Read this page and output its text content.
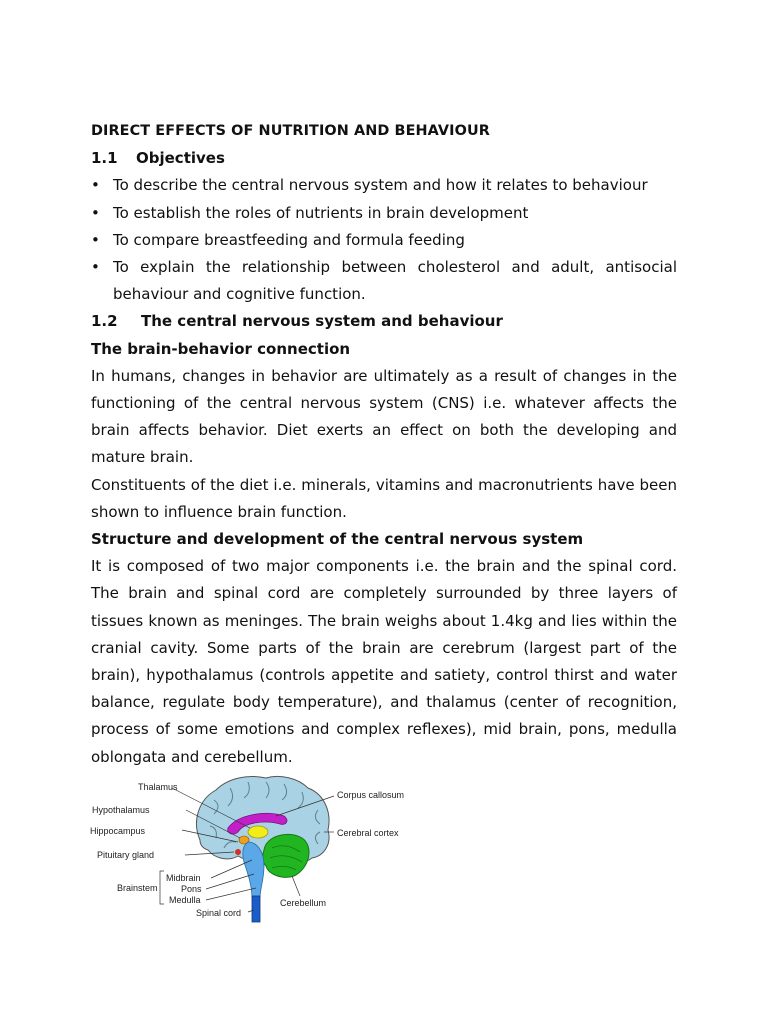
DIRECT EFFECTS OF NUTRITION AND BEHAVIOUR

1.1 Objectives

• To describe the central nervous system and how it relates to behaviour
• To establish the roles of nutrients in brain development
• To compare breastfeeding and formula feeding
• To explain the relationship between cholesterol and adult, antisocial behaviour and cognitive function.

1.2 The central nervous system and behaviour

The brain-behavior connection

In humans, changes in behavior are ultimately as a result of changes in the functioning of the central nervous system (CNS) i.e. whatever affects the brain affects behavior. Diet exerts an effect on both the developing and mature brain.

Constituents of the diet i.e. minerals, vitamins and macronutrients have been shown to influence brain function.

Structure and development of the central nervous system

It is composed of two major components i.e. the brain and the spinal cord. The brain and spinal cord are completely surrounded by three layers of tissues known as meninges. The brain weighs about 1.4kg and lies within the cranial cavity. Some parts of the brain are cerebrum (largest part of the brain), hypothalamus (controls appetite and satiety, control thirst and water balance, regulate body temperature), and thalamus (center of recognition, process of some emotions and complex reflexes), mid brain, pons, medulla oblongata and cerebellum.

Thalamus
Hypothalamus
Hippocampus
Pituitary gland
Brainstem
Midbrain
Pons
Medulla
Spinal cord
Corpus callosum
Cerebral cortex
Cerebellum
